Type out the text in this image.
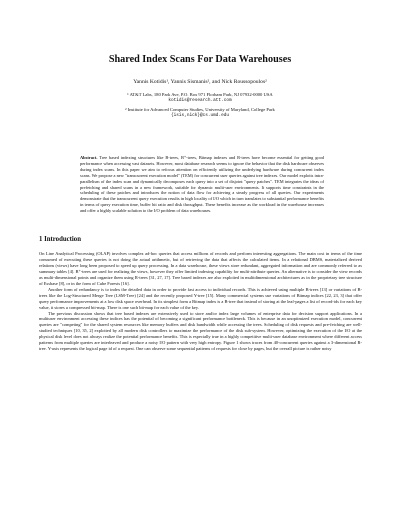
Shared Index Scans For Data Warehouses
Yannis Kotidis¹, Yannis Sismanis², and Nick Roussopoulos²
¹ AT&T Labs, 180 Park Ave, P.O. Box 971 Florham Park, NJ 07932-0000 USA
kotidis@research.att.com
² Institute for Advanced Computer Studies, University of Maryland, College Park
{isis,nick}@cs.umd.edu
Abstract. Tree based indexing structures like B-trees, B⁺-trees, Bitmap indexes and R-trees have become essential for getting good performance when accessing vast datasets. However, most database research seems to ignore the behavior that the disk hardware observes during index scans. In this paper we aim to refocus attention on efficiently utilizing the underlying hardware during concurrent index scans. We propose a new "transcurrent execution model" (TEM) for concurrent user queries against tree indexes. Our model exploits intra-parallelism of the index scan and dynamically decomposes each query into a set of disjoint "query patches". TEM integrates the ideas of prefetching and shared scans in a new framework, suitable for dynamic multi-user environments. It supports time constraints in the scheduling of these patches and introduces the notion of data flow for achieving a steady progress of all queries. Our experiments demonstrate that the transcurrent query execution results in high locality of I/O which in turn translates to substantial performance benefits in terms of query execution time, buffer hit ratio and disk throughput. These benefits increase as the workload in the warehouse increases and offer a highly scalable solution to the I/O problem of data warehouses.
1 Introduction

On Line Analytical Processing (OLAP) involves complex ad-hoc queries that access millions of records and perform interesting aggregations. The main cost in terms of the time consumed of executing these queries is not doing the actual arithmetic, but of retrieving the data that affects the calculated items. In a relational DBMS, materialized derived relations (views) have long been proposed to speed up query processing. In a data warehouse, these views store redundant, aggregated information and are commonly referred to as summary tables [4]. B⁺-trees are used for realizing the views, however they offer limited indexing capability for multi-attribute queries. An alternative is to consider the view records as multi-dimensional points and organize them using R-trees [31, 27, 17]. Tree based indexes are also exploited in multidimensional architectures as in the proprietary tree structure of Essbase [8], or in the form of Cube Forests [16].

Another form of redundancy is to index the detailed data in order to provide fast access to individual records. This is achieved using multiple B-trees [13] or variations of B-trees like the Log-Structured Merge Tree (LSM-Tree) [24] and the recently proposed Y-tree [15]. Many commercial systems use variations of Bitmap indices [22, 23, 3] that offer query performance improvements at a low disk space overhead. In its simplest form a Bitmap index is a B-tree that instead of storing at the leaf-pages a list of record-ids for each key value, it stores a compressed bit-map. There is one such bit-map for each value of the key.

The previous discussion shows that tree based indexes are extensively used to store and/or index large volumes of enterprise data for decision support applications. In a multiuser environment accessing these indices has the potential of becoming a significant performance bottleneck. This is because in an unoptimized execution model, concurrent queries are "competing" for the shared system resources like memory buffers and disk bandwidth while accessing the trees. Scheduling of disk requests and pre-fetching are well-studied techniques [10, 35, 2] exploited by all modern disk controllers to maximize the performance of the disk sub-system. However, optimizing the execution of the I/O at the physical disk level does not always realize the potential performance benefits. This is especially true in a highly competitive multi-user database environment where different access patterns from multiple queries are interleaved and produce a noisy I/O pattern with very high entropy. Figure 1 shows traces from 40-concurrent queries against a 3-dimensional R-tree. Y-axis represents the logical page id of a request. One can observe some sequential patterns of requests for close by pages, but the overall picture is rather noisy
